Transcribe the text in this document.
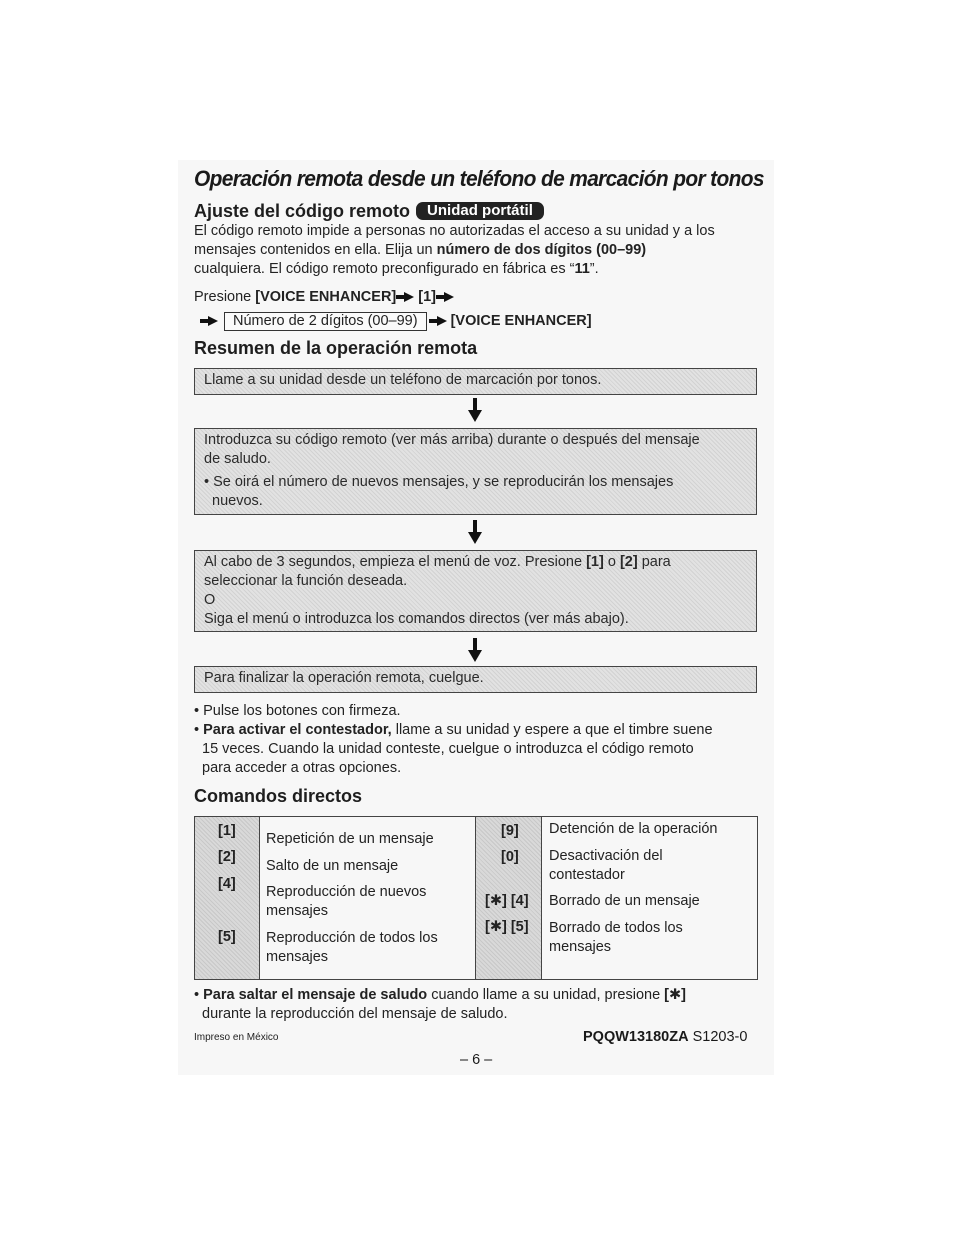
Operación remota desde un teléfono de marcación por tonos
Ajuste del código remoto Unidad portátil
El código remoto impide a personas no autorizadas el acceso a su unidad y a los
mensajes contenidos en ella. Elija un número de dos dígitos (00–99)
cualquiera. El código remoto preconfigurado en fábrica es “11”.
Presione [VOICE ENHANCER] [1]
Número de 2 dígitos (00–99) [VOICE ENHANCER]
Resumen de la operación remota
Llame a su unidad desde un teléfono de marcación por tonos.
Introduzca su código remoto (ver más arriba) durante o después del mensaje
de saludo.
• Se oirá el número de nuevos mensajes, y se reproducirán los mensajes
nuevos.
Al cabo de 3 segundos, empieza el menú de voz. Presione [1] o [2] para
seleccionar la función deseada.
O
Siga el menú o introduzca los comandos directos (ver más abajo).
Para finalizar la operación remota, cuelgue.
• Pulse los botones con firmeza.
• Para activar el contestador, llame a su unidad y espere a que el timbre suene
15 veces. Cuando la unidad conteste, cuelgue o introduzca el código remoto
para acceder a otras opciones.
Comandos directos
[1] Repetición de un mensaje
[2]
Salto de un mensaje
[4] Reproducción de nuevos mensajes
[5] Reproducción de todos los mensajes
[9] Detención de la operación
[0] Desactivación del contestador
[✱] [4] Borrado de un mensaje
[✱] [5] Borrado de todos los mensajes
• Para saltar el mensaje de saludo cuando llame a su unidad, presione [✱]
durante la reproducción del mensaje de saludo.
Impreso en México	PQQW13180ZA S1203-0
– 6 –
